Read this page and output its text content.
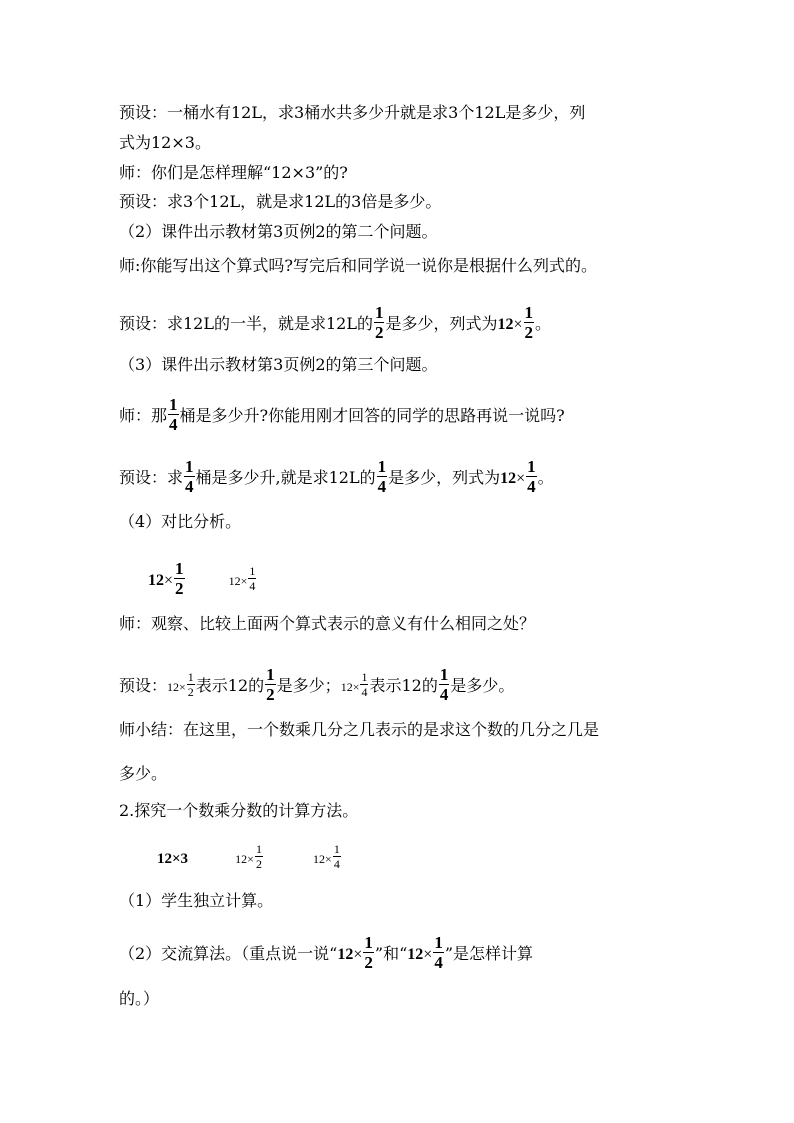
预设：一桶水有12L，求3桶水共多少升就是求3个12L是多少，列
式为12×3。
师：你们是怎样理解“12×3”的?
预设：求3个12L，就是求12L的3倍是多少。
（2）课件出示教材第3页例2的第二个问题。
师:你能写出这个算式吗?写完后和同学说一说你是根据什么列式的。
预设：求12L的一半，就是求12L的 $\frac{1}{2}$ 是多少，列式为$12\times \frac{1}{2}$ 。
（3）课件出示教材第3页例2的第三个问题。
师：那 $\frac{1}{4}$ 桶是多少升?你能用刚才回答的同学的思路再说一说吗?
预设：求 $\frac{1}{4}$ 桶是多少升,就是求12L的 $\frac{1}{4}$ 是多少，列式为$12\times \frac{1}{4}$ 。
（4）对比分析。
$12\times \frac{1}{2}$	$12\times \frac{1}{4}$
师：观察、比较上面两个算式表示的意义有什么相同之处？
预设：$12\times \frac{1}{2}$ 表示12的 $\frac{1}{2}$ 是多少；$12\times \frac{1}{4}$ 表示12的 $\frac{1}{4}$ 是多少。
师小结：在这里，一个数乘几分之几表示的是求这个数的几分之几是
多少。
2.探究一个数乘分数的计算方法。
12×3	$12\times \frac{1}{2}$	$12\times \frac{1}{4}$
（1）学生独立计算。
（2）交流算法。（重点说一说“$12\times \frac{1}{2}$ ”和“$12\times \frac{1}{4}$ ”是怎样计算
的。）
